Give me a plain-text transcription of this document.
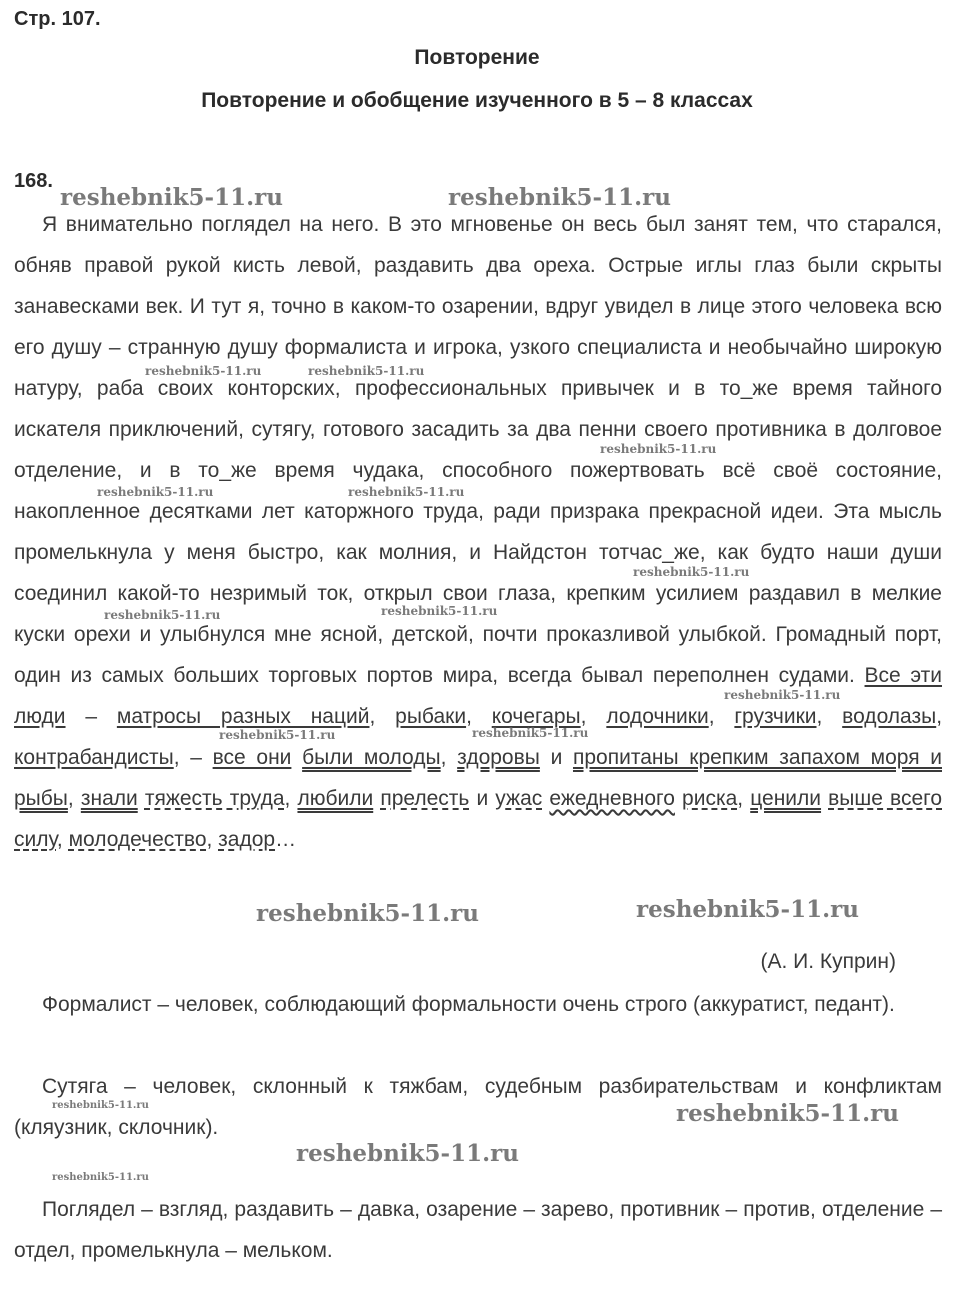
Стр. 107.
Повторение
Повторение и обобщение изученного в 5 – 8 классах
168.

Я внимательно поглядел на него. В это мгновенье он весь был занят тем, что старался, обняв правой рукой кисть левой, раздавить два ореха. Острые иглы глаз были скрыты занавесками век. И тут я, точно в каком-то озарении, вдруг увидел в лице этого человека всю его душу – странную душу формалиста и игрока, узкого специалиста и необычайно широкую натуру, раба своих конторских, профессиональных привычек и в то_же время тайного искателя приключений, сутягу, готового засадить за два пенни своего противника в долговое отделение, и в то_же время чудака, способного пожертвовать всё своё состояние, накопленное десятками лет каторжного труда, ради призрака прекрасной идеи. Эта мысль промелькнула у меня быстро, как молния, и Найдстон тотчас_же, как будто наши души соединил какой-то незримый ток, открыл свои глаза, крепким усилием раздавил в мелкие куски орехи и улыбнулся мне ясной, детской, почти проказливой улыбкой. Громадный порт, один из самых больших торговых портов мира, всегда бывал переполнен судами. Все эти люди – матросы разных наций, рыбаки, кочегары, лодочники, грузчики, водолазы, контрабандисты, – все они были молоды, здоровы и пропитаны крепким запахом моря и рыбы, знали тяжесть труда, любили прелесть и ужас ежедневного риска, ценили выше всего силу, молодечество, задор…

(А. И. Куприн)

Формалист – человек, соблюдающий формальности очень строго (аккуратист, педант).

Сутяга – человек, склонный к тяжбам, судебным разбирательствам и конфликтам (кляузник, склочник).

Поглядел – взгляд, раздавить – давка, озарение – зарево, противник – против, отделение – отдел, промелькнула – мельком.

reshebnik5-11.ru	reshebnik5-11.ru
reshebnik5-11.ru	reshebnik5-11.ru
reshebnik5-11.ru
reshebnik5-11.ru	reshebnik5-11.ru
reshebnik5-11.ru
reshebnik5-11.ru	reshebnik5-11.ru
reshebnik5-11.ru
reshebnik5-11.ru	reshebnik5-11.ru
reshebnik5-11.ru	reshebnik5-11.ru
reshebnik5-11.ru	reshebnik5-11.ru
reshebnik5-11.ru
reshebnik5-11.ru
